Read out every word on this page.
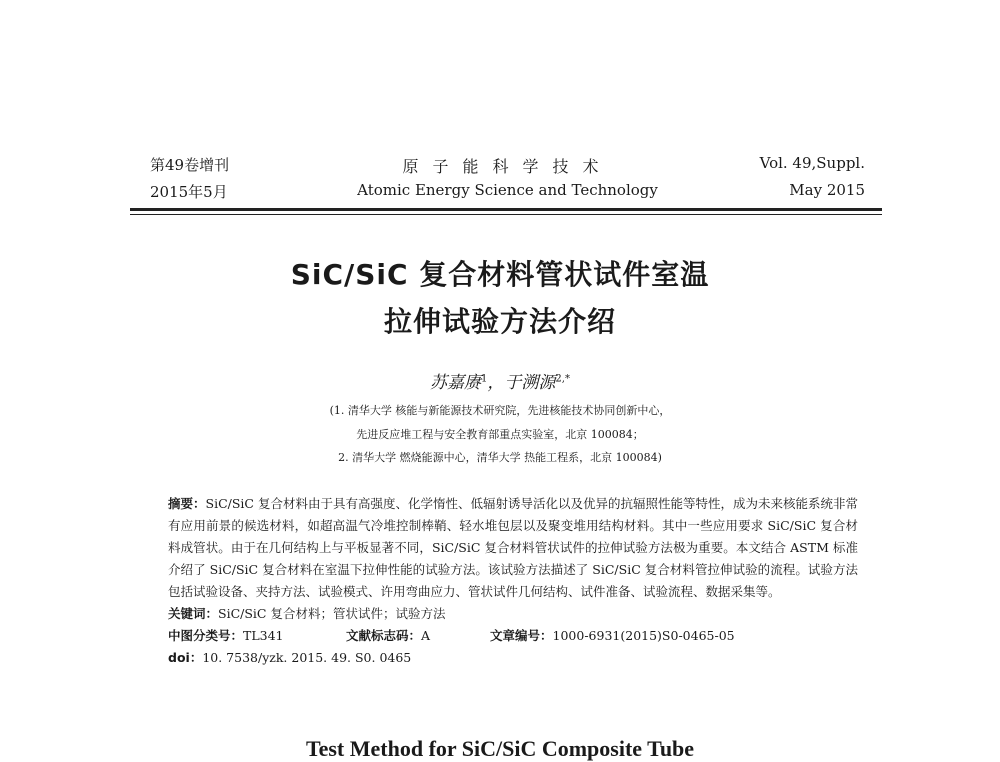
第49卷增刊	原子能科学技术	Vol. 49,Suppl.
2015年5月	Atomic Energy Science and Technology	May 2015
SiC/SiC 复合材料管状试件室温
拉伸试验方法介绍
苏嘉赓$^1$，于溯源$^{2,*}$
(1. 清华大学 核能与新能源技术研究院，先进核能技术协同创新中心，
先进反应堆工程与安全教育部重点实验室，北京 100084；
2. 清华大学 燃烧能源中心，清华大学 热能工程系，北京 100084)

摘要：SiC/SiC 复合材料由于具有高强度、化学惰性、低辐射诱导活化以及优异的抗辐照性能等特性，成为未来核能系统非常有应用前景的候选材料，如超高温气冷堆控制棒鞘、轻水堆包层以及聚变堆用结构材料。其中一些应用要求 SiC/SiC 复合材料成管状。由于在几何结构上与平板显著不同，SiC/SiC 复合材料管状试件的拉伸试验方法极为重要。本文结合 ASTM 标准介绍了 SiC/SiC 复合材料在室温下拉伸性能的试验方法。该试验方法描述了 SiC/SiC 复合材料管拉伸试验的流程。试验方法包括试验设备、夹持方法、试验模式、许用弯曲应力、管状试件几何结构、试件准备、试验流程、数据采集等。

关键词：SiC/SiC 复合材料；管状试件；试验方法

中图分类号：TL341	文献标志码：A	文章编号：1000-6931(2015)S0-0465-05

doi：10. 7538/yzk. 2015. 49. S0. 0465

Test Method for SiC/SiC Composite Tube
